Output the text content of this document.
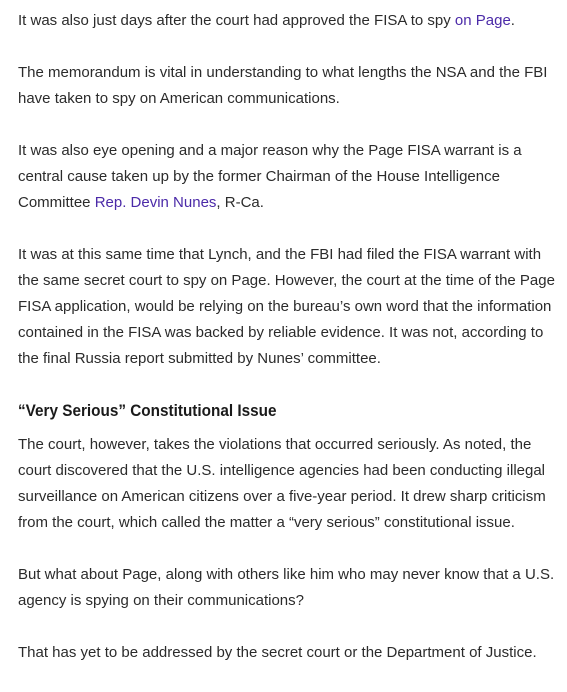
It was also just days after the court had approved the FISA to spy on Page.

The memorandum is vital in understanding to what lengths the NSA and the FBI have taken to spy on American communications.

It was also eye opening and a major reason why the Page FISA warrant is a central cause taken up by the former Chairman of the House Intelligence Committee Rep. Devin Nunes, R-Ca.

It was at this same time that Lynch, and the FBI had filed the FISA warrant with the same secret court to spy on Page. However, the court at the time of the Page FISA application, would be relying on the bureau’s own word that the information contained in the FISA was backed by reliable evidence. It was not, according to the final Russia report submitted by Nunes’ committee.

“Very Serious” Constitutional Issue

The court, however, takes the violations that occurred seriously. As noted, the court discovered that the U.S. intelligence agencies had been conducting illegal surveillance on American citizens over a five-year period. It drew sharp criticism from the court, which called the matter a “very serious” constitutional issue.

But what about Page, along with others like him who may never know that a U.S. agency is spying on their communications?

That has yet to be addressed by the secret court or the Department of Justice.
